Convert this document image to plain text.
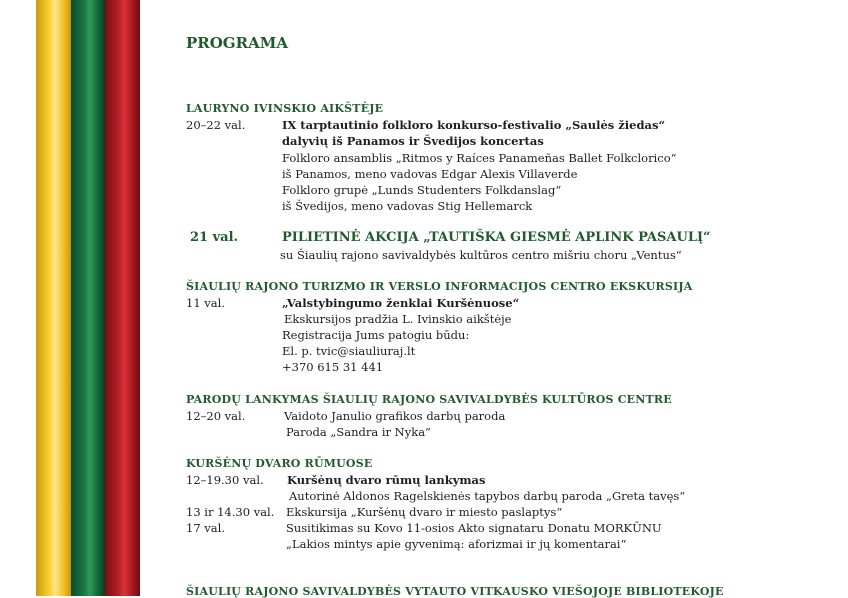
PROGRAMA
LAURYNO IVINSKIO AIKŠTĖJE
20–22 val.	IX tarptautinio folkloro konkurso-festivalio „Saulės žiedas“
dalyvių iš Panamos ir Švedijos koncertas
Folkloro ansamblis „Ritmos y Raíces Panameñas Ballet Folkclorico“
iš Panamos, meno vadovas Edgar Alexis Villaverde
Folkloro grupė „Lunds Studenters Folkdanslag“
iš Švedijos, meno vadovas Stig Hellemarck
21 val.	PILIETINĖ AKCIJA „TAUTIŠKA GIESMĖ APLINK PASAULĮ“
su Šiaulių rajono savivaldybės kultūros centro mišriu choru „Ventus“
ŠIAULIŲ RAJONO TURIZMO IR VERSLO INFORMACIJOS CENTRO EKSKURSIJA
11 val.	„Valstybingumo ženklai Kuršėnuose“
Ekskursijos pradžia L. Ivinskio aikštėje
Registracija Jums patogiu būdu:
El. p. tvic@siauliuraj.lt
+370 615 31 441
PARODŲ LANKYMAS ŠIAULIŲ RAJONO SAVIVALDYBĖS KULTŪROS CENTRE
12–20 val.	Vaidoto Janulio grafikos darbų paroda
Paroda „Sandra ir Nyka“
KURŠĖNŲ DVARO RŪMUOSE
12–19.30 val. Kuršėnų dvaro rūmų lankymas
Autorinė Aldonos Ragelskienės tapybos darbų paroda „Greta tavęs“
13 ir 14.30 val. Ekskursija „Kuršėnų dvaro ir miesto paslaptys“
17 val.	Susitikimas su Kovo 11-osios Akto signataru Donatu MORKŪNU
„Lakios mintys apie gyvenimą: aforizmai ir jų komentarai“
ŠIAULIŲ RAJONO SAVIVALDYBĖS VYTAUTO VITKAUSKO VIEŠOJOJE BIBLIOTEKOJE
